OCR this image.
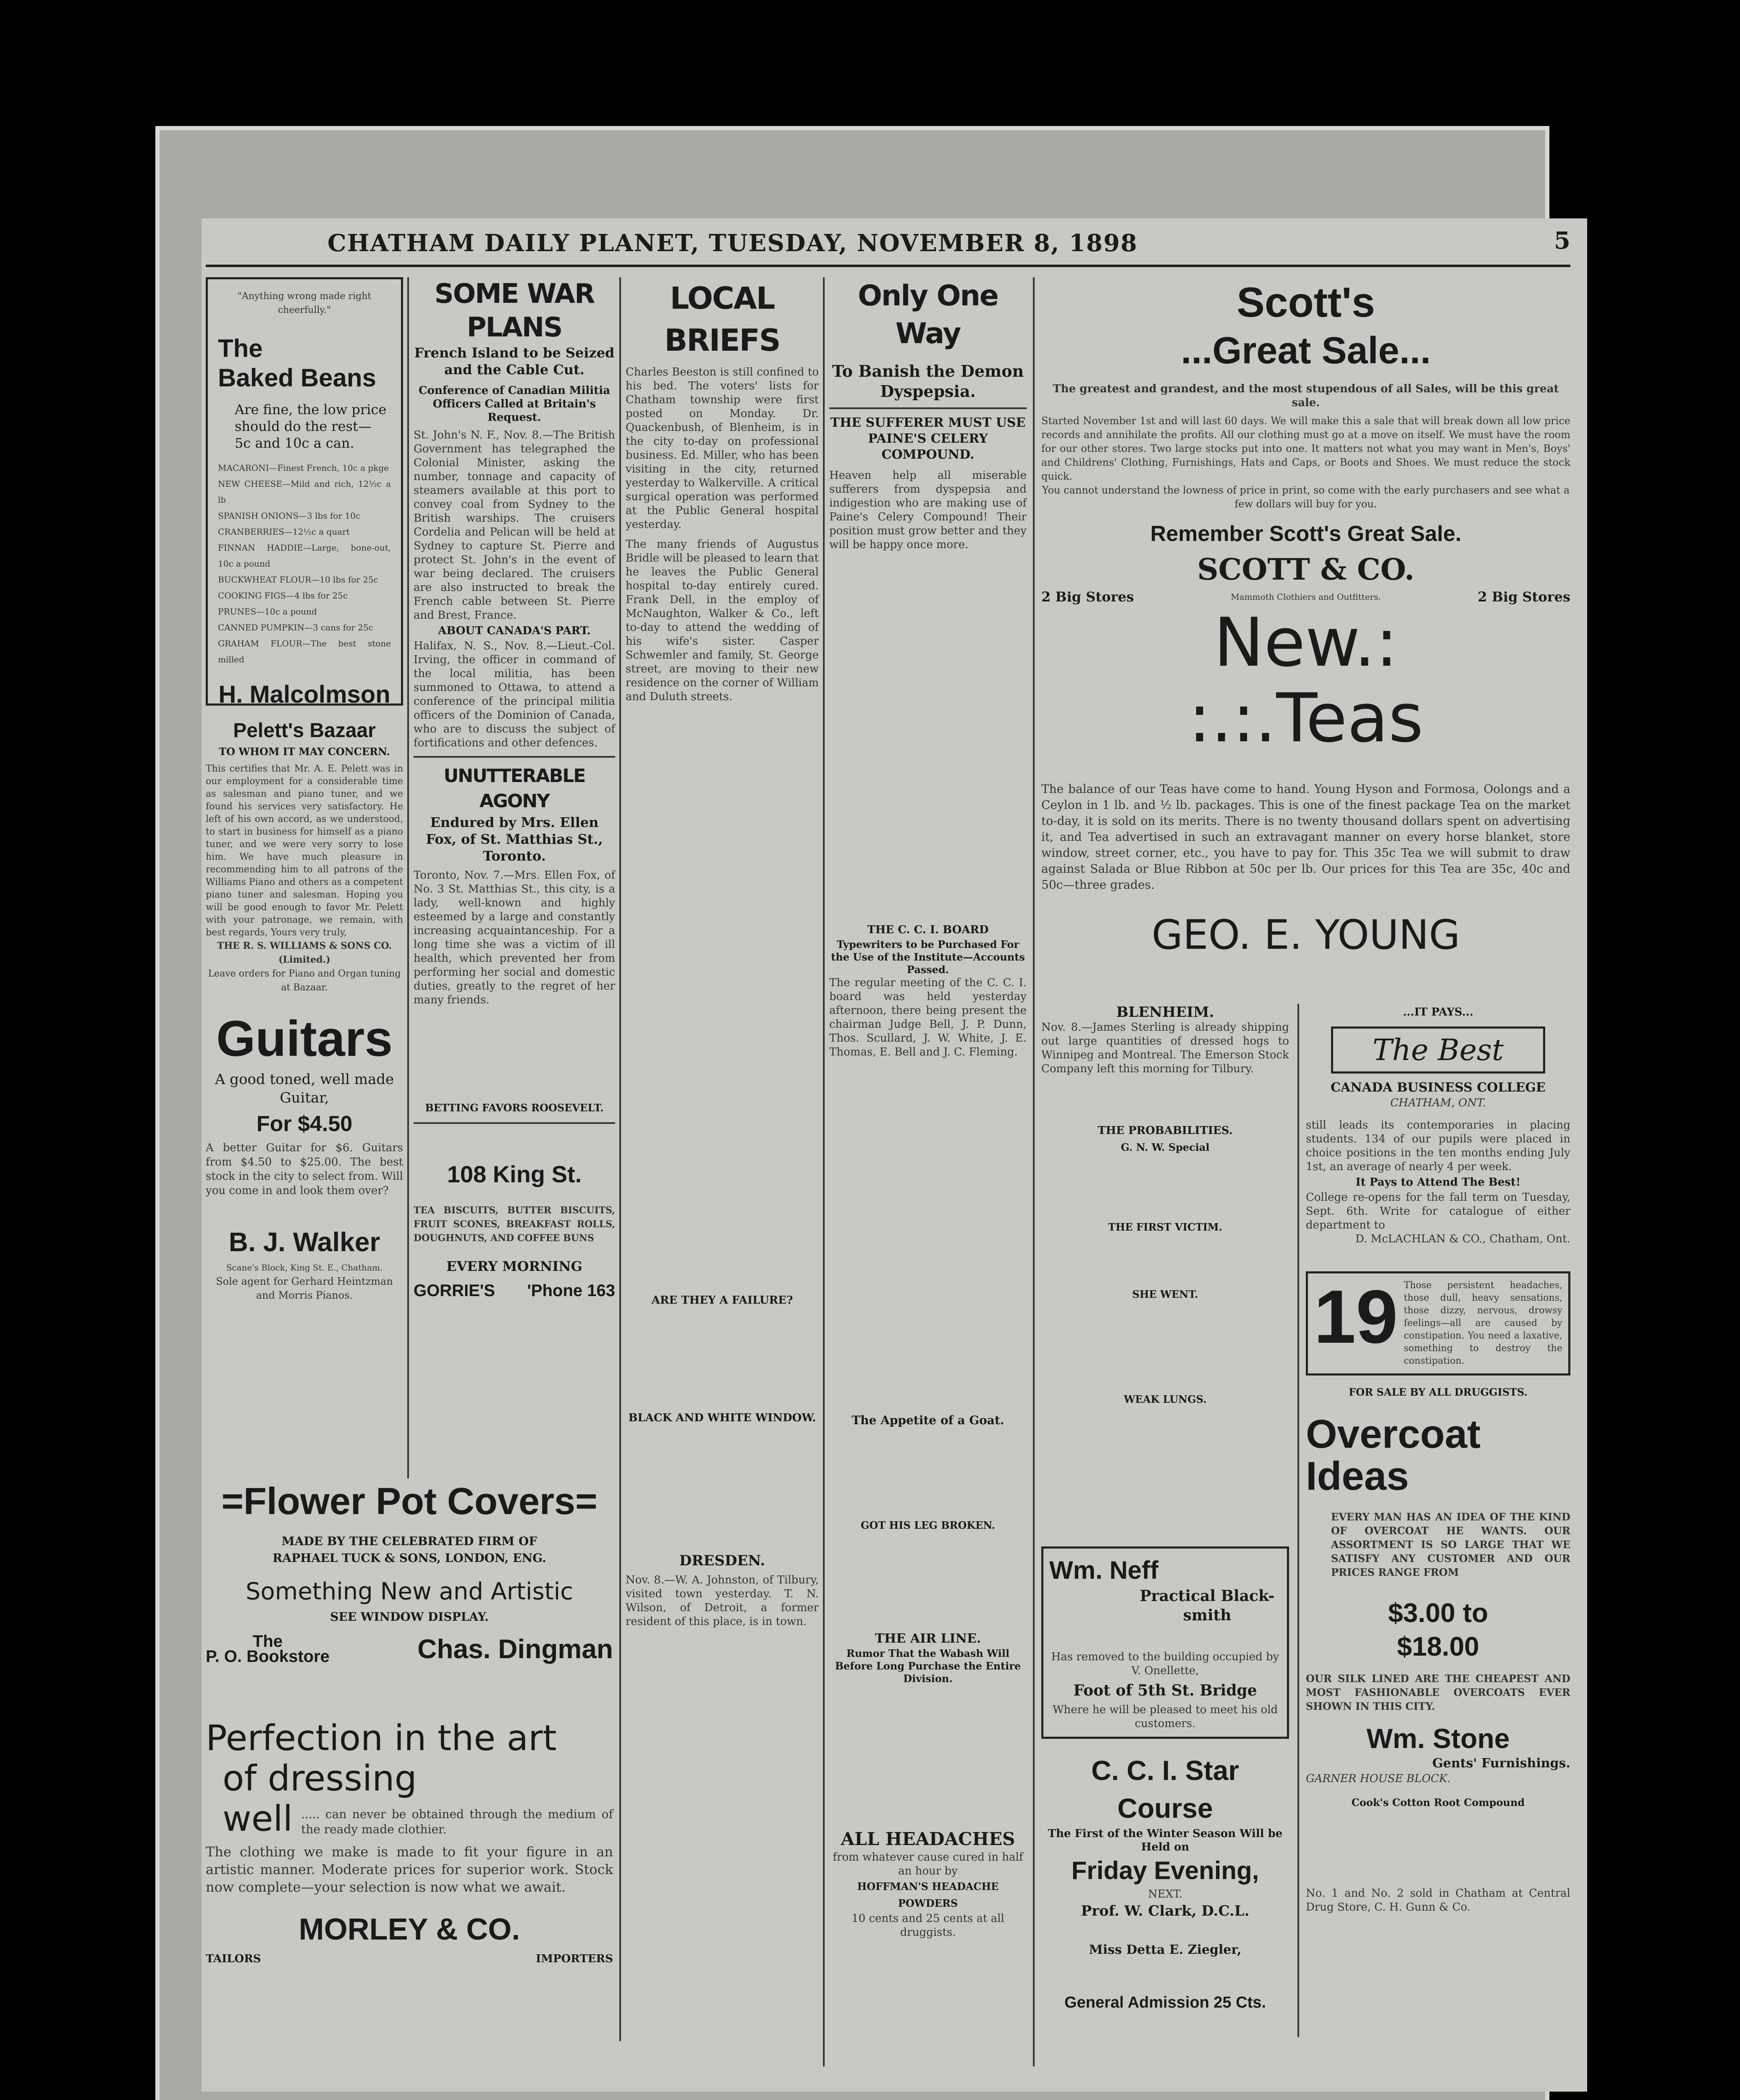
CHATHAM DAILY PLANET, TUESDAY, NOVEMBER 8, 1898	5
"Anything wrong made right cheerfully."
The
Baked Beans
Are fine, the low price should do the rest— 5c and 10c a can.
MACARONI—Finest French, 10c a pkge
NEW CHEESE—Mild and rich, 12½c a lb
SPANISH ONIONS—3 lbs for 10c
CRANBERRIES—12½c a quart
FINNAN HADDIE—Large, bone-out, 10c a pound
BUCKWHEAT FLOUR—10 lbs for 25c
COOKING FIGS—4 lbs for 25c
PRUNES—10c a pound
CANNED PUMPKIN—3 cans for 25c
GRAHAM FLOUR—The best stone milled
H. Malcolmson
Pelett's Bazaar
TO WHOM IT MAY CONCERN.
This certifies that Mr. A. E. Pelett was in our employment for a considerable time as salesman and piano tuner, and we found his services very satisfactory. He left of his own accord, as we understood, to start in business for himself as a piano tuner, and we were very sorry to lose him. We have much pleasure in recommending him to all patrons of the Williams Piano and others as a competent piano tuner and salesman. Hoping you will be good enough to favor Mr. Pelett with your patronage, we remain, with best regards, Yours very truly,
THE R. S. WILLIAMS & SONS CO. (Limited.)
Leave orders for Piano and Organ tuning at Bazaar.
Guitars
A good toned, well made Guitar,
For $4.50
A better Guitar for $6. Guitars from $4.50 to $25.00. The best stock in the city to select from. Will you come in and look them over?
B. J. Walker
Scane's Block, King St. E., Chatham.
Sole agent for Gerhard Heintzman and Morris Pianos.
SOME WAR PLANS
French Island to be Seized and the Cable Cut.
Conference of Canadian Militia Officers Called at Britain's Request.
St. John's N. F., Nov. 8.—The British Government has telegraphed the Colonial Minister, asking the number, tonnage and capacity of steamers available at this port to convey coal from Sydney to the British warships. The cruisers Cordelia and Pelican will be held at Sydney to capture St. Pierre and protect St. John's in the event of war being declared. The cruisers are also instructed to break the French cable between St. Pierre and Brest, France.
ABOUT CANADA'S PART.
Halifax, N. S., Nov. 8.—Lieut.-Col. Irving, the officer in command of the local militia, has been summoned to Ottawa, to attend a conference of the principal militia officers of the Dominion of Canada, who are to discuss the subject of fortifications and other defences.
UNUTTERABLE AGONY
Endured by Mrs. Ellen Fox, of St. Matthias St., Toronto.
Toronto, Nov. 7.—Mrs. Ellen Fox, of No. 3 St. Matthias St., this city, is a lady, well-known and highly esteemed by a large and constantly increasing acquaintanceship. For a long time she was a victim of ill health, which prevented her from performing her social and domestic duties, greatly to the regret of her many friends.
BETTING FAVORS ROOSEVELT.
108 King St.
TEA BISCUITS, BUTTER BISCUITS, FRUIT SCONES, BREAKFAST ROLLS, DOUGHNUTS, AND COFFEE BUNS
EVERY MORNING
GORRIE'S 'Phone 163
LOCAL BRIEFS
Charles Beeston is still confined to his bed. The voters' lists for Chatham township were first posted on Monday. Dr. Quackenbush, of Blenheim, is in the city to-day on professional business. Ed. Miller, who has been visiting in the city, returned yesterday to Walkerville. A critical surgical operation was performed at the Public General hospital yesterday.
The many friends of Augustus Bridle will be pleased to learn that he leaves the Public General hospital to-day entirely cured. Frank Dell, in the employ of McNaughton, Walker & Co., left to-day to attend the wedding of his wife's sister. Casper Schwemler and family, St. George street, are moving to their new residence on the corner of William and Duluth streets.
ARE THEY A FAILURE?
BLACK AND WHITE WINDOW.
DRESDEN.
Nov. 8.—W. A. Johnston, of Tilbury, visited town yesterday. T. N. Wilson, of Detroit, a former resident of this place, is in town.
Only One Way
To Banish the Demon Dyspepsia.
THE SUFFERER MUST USE PAINE'S CELERY COMPOUND.
Heaven help all miserable sufferers from dyspepsia and indigestion who are making use of Paine's Celery Compound! Their position must grow better and they will be happy once more.
THE C. C. I. BOARD
Typewriters to be Purchased For the Use of the Institute—Accounts Passed.
The regular meeting of the C. C. I. board was held yesterday afternoon, there being present the chairman Judge Bell, J. P. Dunn, Thos. Scullard, J. W. White, J. E. Thomas, E. Bell and J. C. Fleming.
The Appetite of a Goat.
GOT HIS LEG BROKEN.
THE AIR LINE.
Rumor That the Wabash Will Before Long Purchase the Entire Division.
ALL HEADACHES
from whatever cause cured in half an hour by
HOFFMAN'S HEADACHE POWDERS
10 cents and 25 cents at all druggists.
Scott's
...Great Sale...
The greatest and grandest, and the most stupendous of all Sales, will be this great sale.
Started November 1st and will last 60 days. We will make this a sale that will break down all low price records and annihilate the profits. All our clothing must go at a move on itself. We must have the room for our other stores. Two large stocks put into one. It matters not what you may want in Men's, Boys' and Childrens' Clothing, Furnishings, Hats and Caps, or Boots and Shoes. We must reduce the stock quick.
You cannot understand the lowness of price in print, so come with the early purchasers and see what a few dollars will buy for you.
Remember Scott's Great Sale.
SCOTT & CO.
2 Big Stores	Mammoth Clothiers and Outfitters.	2 Big Stores
New.:
:.:.Teas
The balance of our Teas have come to hand. Young Hyson and Formosa, Oolongs and a Ceylon in 1 lb. and ½ lb. packages. This is one of the finest package Tea on the market to-day, it is sold on its merits. There is no twenty thousand dollars spent on advertising it, and Tea advertised in such an extravagant manner on every horse blanket, store window, street corner, etc., you have to pay for. This 35c Tea we will submit to draw against Salada or Blue Ribbon at 50c per lb. Our prices for this Tea are 35c, 40c and 50c—three grades.
GEO. E. YOUNG
BLENHEIM.
Nov. 8.—James Sterling is already shipping out large quantities of dressed hogs to Winnipeg and Montreal. The Emerson Stock Company left this morning for Tilbury.
THE PROBABILITIES.
G. N. W. Special
THE FIRST VICTIM.
SHE WENT.
WEAK LUNGS.
Wm. Neff
Practical Black-smith
Has removed to the building occupied by V. Onellette,
Foot of 5th St. Bridge
Where he will be pleased to meet his old customers.
C. C. I. Star Course
The First of the Winter Season Will be Held on
Friday Evening,
NEXT.
Prof. W. Clark, D.C.L.
Miss Detta E. Ziegler,
General Admission 25 Cts.
...IT PAYS...
The Best
CANADA BUSINESS COLLEGE
CHATHAM, ONT.
still leads its contemporaries in placing students. 134 of our pupils were placed in choice positions in the ten months ending July 1st, an average of nearly 4 per week.
It Pays to Attend The Best!
College re-opens for the fall term on Tuesday, Sept. 6th. Write for catalogue of either department to
D. McLACHLAN & CO., Chatham, Ont.
19 Those persistent headaches, those dull, heavy sensations, those dizzy, nervous, drowsy feelings—all are caused by constipation. You need a laxative, something to destroy the constipation.
FOR SALE BY ALL DRUGGISTS.
Overcoat
Ideas
EVERY MAN HAS AN IDEA OF THE KIND OF OVERCOAT HE WANTS. OUR ASSORTMENT IS SO LARGE THAT WE SATISFY ANY CUSTOMER AND OUR PRICES RANGE FROM
$3.00 to
$18.00
OUR SILK LINED ARE THE CHEAPEST AND MOST FASHIONABLE OVERCOATS EVER SHOWN IN THIS CITY.
Wm. Stone
Gents' Furnishings.
GARNER HOUSE BLOCK.
Cook's Cotton Root Compound
No. 1 and No. 2 sold in Chatham at Central Drug Store, C. H. Gunn & Co.
=Flower Pot Covers=
MADE BY THE CELEBRATED FIRM OF
RAPHAEL TUCK & SONS, LONDON, ENG.
Something New and Artistic
SEE WINDOW DISPLAY.
The
P. O. Bookstore	Chas. Dingman
Perfection in the art
of dressing
well ..... can never be obtained through the medium of the ready made clothier.
The clothing we make is made to fit your figure in an artistic manner. Moderate prices for superior work. Stock now complete—your selection is now what we await.
MORLEY & CO.
TAILORS	IMPORTERS
